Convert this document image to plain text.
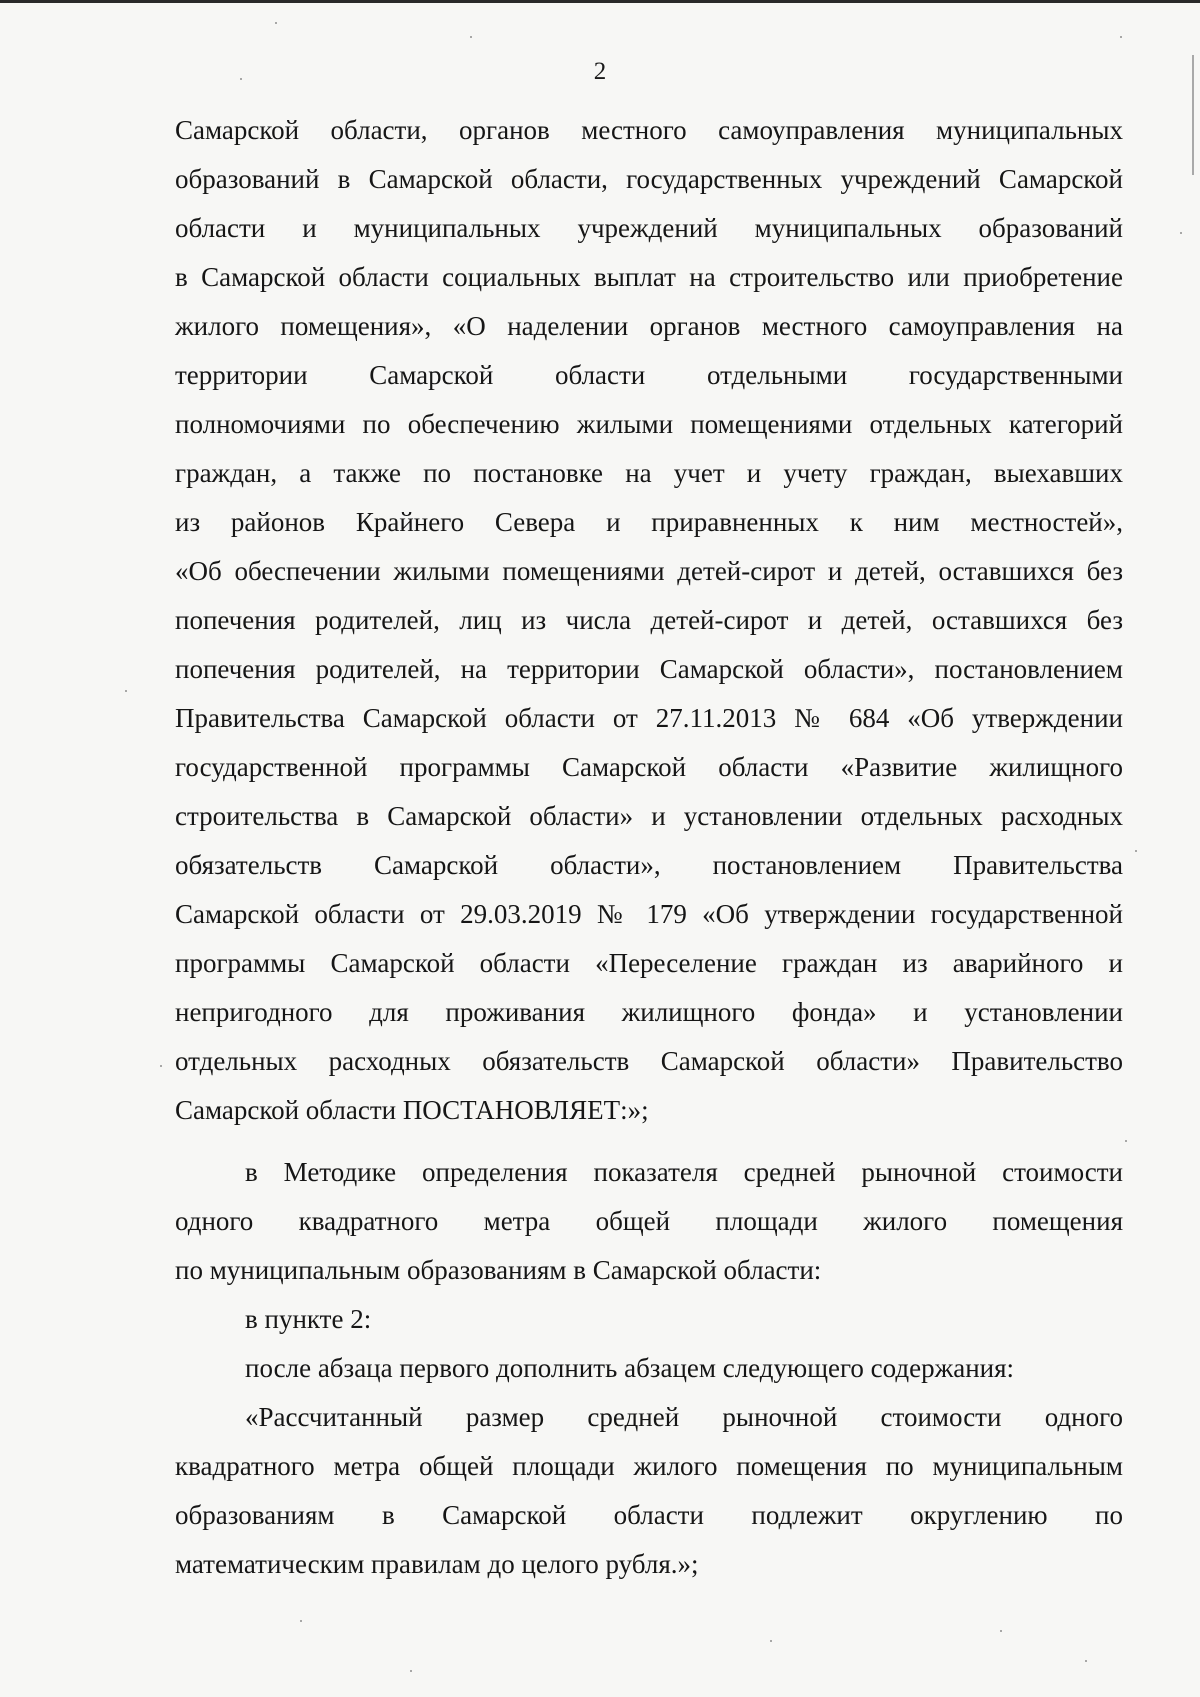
2
Самарской области, органов местного самоуправления муниципальных
образований в Самарской области, государственных учреждений Самарской
области и муниципальных учреждений муниципальных образований
в Самарской области социальных выплат на строительство или приобретение
жилого помещения», «О наделении органов местного самоуправления на
территории Самарской области отдельными государственными
полномочиями по обеспечению жилыми помещениями отдельных категорий
граждан, а также по постановке на учет и учету граждан, выехавших
из районов Крайнего Севера и приравненных к ним местностей»,
«Об обеспечении жилыми помещениями детей-сирот и детей, оставшихся без
попечения родителей, лиц из числа детей-сирот и детей, оставшихся без
попечения родителей, на территории Самарской области», постановлением
Правительства Самарской области от 27.11.2013 № 684 «Об утверждении
государственной программы Самарской области «Развитие жилищного
строительства в Самарской области» и установлении отдельных расходных
обязательств Самарской области», постановлением Правительства
Самарской области от 29.03.2019 № 179 «Об утверждении государственной
программы Самарской области «Переселение граждан из аварийного и
непригодного для проживания жилищного фонда» и установлении
отдельных расходных обязательств Самарской области» Правительство
Самарской области ПОСТАНОВЛЯЕТ:»;
в Методике определения показателя средней рыночной стоимости
одного квадратного метра общей площади жилого помещения
по муниципальным образованиям в Самарской области:
в пункте 2:
после абзаца первого дополнить абзацем следующего содержания:
«Рассчитанный размер средней рыночной стоимости одного
квадратного метра общей площади жилого помещения по муниципальным
образованиям в Самарской области подлежит округлению по
математическим правилам до целого рубля.»;
